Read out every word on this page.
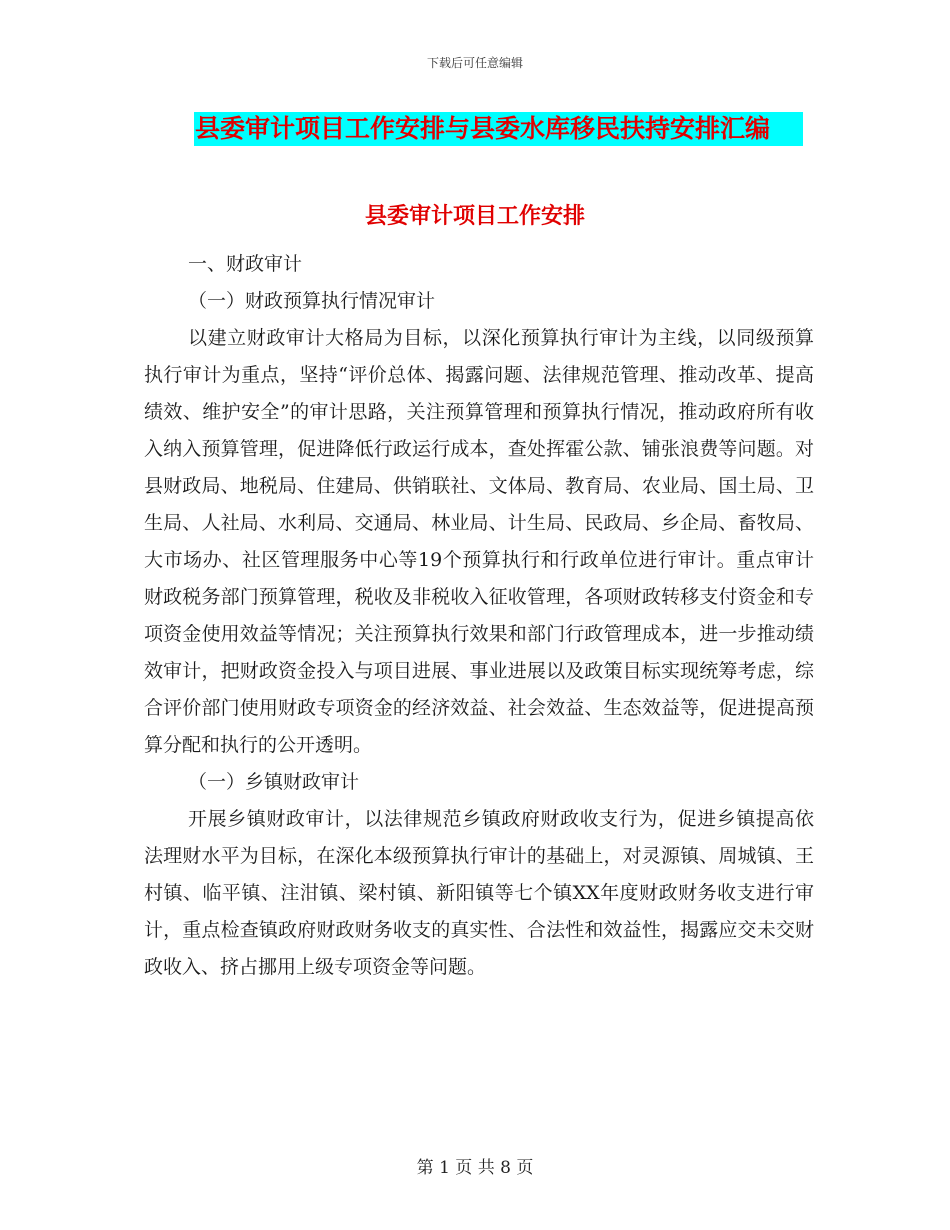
下载后可任意编辑
县委审计项目工作安排与县委水库移民扶持安排汇编
县委审计项目工作安排

一、财政审计

（一）财政预算执行情况审计

以建立财政审计大格局为目标，以深化预算执行审计为主线，以同级预算执行审计为重点，坚持“评价总体、揭露问题、法律规范管理、推动改革、提高绩效、维护安全”的审计思路，关注预算管理和预算执行情况，推动政府所有收入纳入预算管理，促进降低行政运行成本，查处挥霍公款、铺张浪费等问题。对县财政局、地税局、住建局、供销联社、文体局、教育局、农业局、国土局、卫生局、人社局、水利局、交通局、林业局、计生局、民政局、乡企局、畜牧局、大市场办、社区管理服务中心等19个预算执行和行政单位进行审计。重点审计财政税务部门预算管理，税收及非税收入征收管理，各项财政转移支付资金和专项资金使用效益等情况；关注预算执行效果和部门行政管理成本，进一步推动绩效审计，把财政资金投入与项目进展、事业进展以及政策目标实现统筹考虑，综合评价部门使用财政专项资金的经济效益、社会效益、生态效益等，促进提高预算分配和执行的公开透明。

（一）乡镇财政审计

开展乡镇财政审计，以法律规范乡镇政府财政收支行为，促进乡镇提高依法理财水平为目标，在深化本级预算执行审计的基础上，对灵源镇、周城镇、王村镇、临平镇、注泔镇、梁村镇、新阳镇等七个镇XX年度财政财务收支进行审计，重点检查镇政府财政财务收支的真实性、合法性和效益性，揭露应交未交财政收入、挤占挪用上级专项资金等问题。

第 1 页 共 8 页
